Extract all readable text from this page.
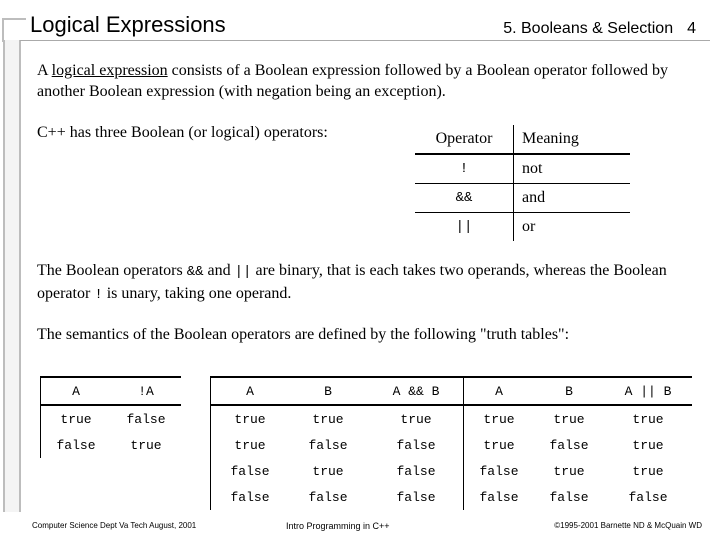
Logical Expressions	5. Booleans & Selection 4
A logical expression consists of a Boolean expression followed by a Boolean operator followed by another Boolean expression (with negation being an exception).
C++ has three Boolean (or logical) operators:	Operator	Meaning
!	not
&&	and
||	or
The Boolean operators && and || are binary, that is each takes two operands, whereas the Boolean operator ! is unary, taking one operand.
The semantics of the Boolean operators are defined by the following "truth tables":
A	!A
true	false
false	true
A	B	A && B
true	true	true
true	false	false
false	true	false
false	false	false
A	B	A || B
true	true	true
true	false	true
false	true	true
false	false	false
Computer Science Dept Va Tech August, 2001	Intro Programming in C++	©1995-2001 Barnette ND & McQuain WD
